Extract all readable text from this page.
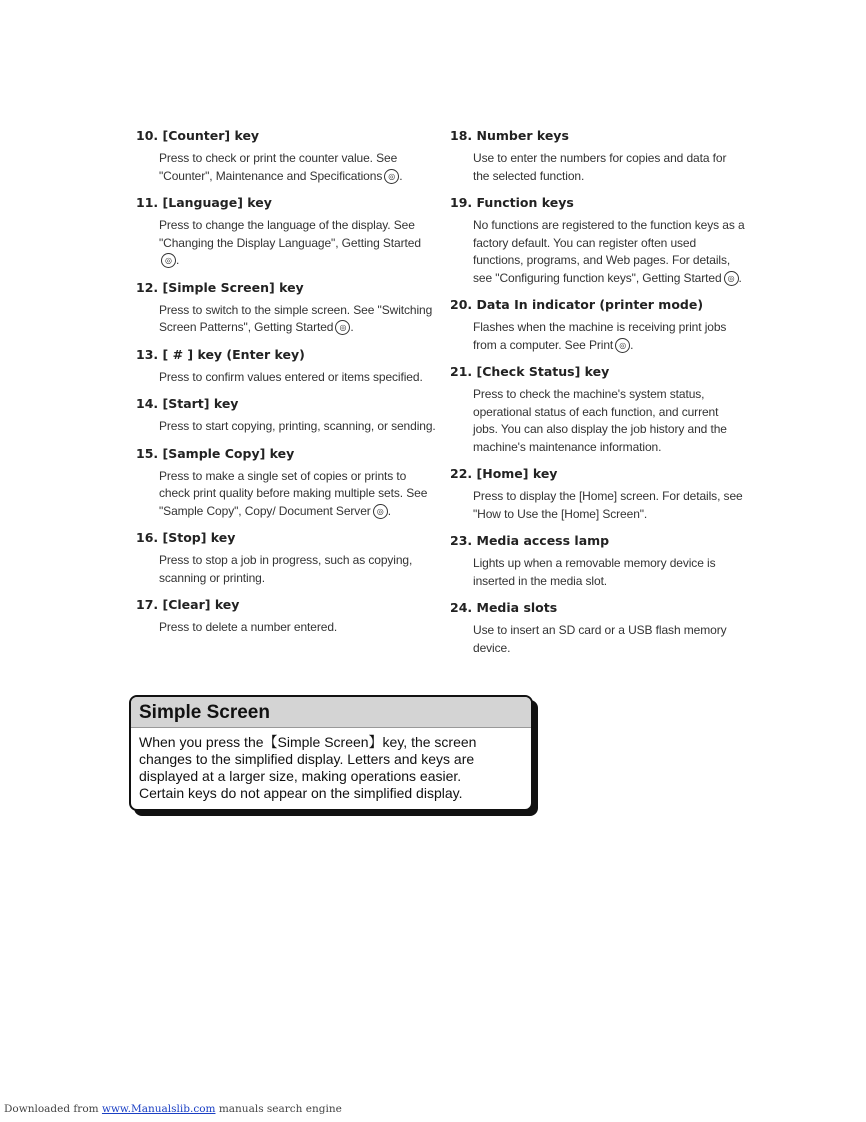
10. [Counter] key
Press to check or print the counter value. See "Counter", Maintenance and Specifications ◎ .
11. [Language] key
Press to change the language of the display. See "Changing the Display Language", Getting Started◎ .
12. [Simple Screen] key
Press to switch to the simple screen. See "Switching Screen Patterns", Getting Started ◎ .
13. [ # ] key (Enter key)
Press to confirm values entered or items specified.
14. [Start] key
Press to start copying, printing, scanning, or sending.
15. [Sample Copy] key
Press to make a single set of copies or prints to check print quality before making multiple sets. See "Sample Copy", Copy/ Document Server ◎ .
16. [Stop] key
Press to stop a job in progress, such as copying, scanning or printing.
17. [Clear] key
Press to delete a number entered.
18. Number keys
Use to enter the numbers for copies and data for the selected function.
19. Function keys
No functions are registered to the function keys as a factory default. You can register often used functions, programs, and Web pages. For details, see "Configuring function keys", Getting Started ◎ .
20. Data In indicator (printer mode)
Flashes when the machine is receiving print jobs from a computer. See Print ◎ .
21. [Check Status] key
Press to check the machine's system status, operational status of each function, and current jobs. You can also display the job history and the machine's maintenance information.
22. [Home] key
Press to display the [Home] screen. For details, see "How to Use the [Home] Screen".
23. Media access lamp
Lights up when a removable memory device is inserted in the media slot.
24. Media slots
Use to insert an SD card or a USB flash memory device.
Simple Screen
When you press the【Simple Screen】key, the screen changes to the simplified display. Letters and keys are displayed at a larger size, making operations easier.
Certain keys do not appear on the simplified display.
Downloaded from www.Manualslib.com manuals search engine
